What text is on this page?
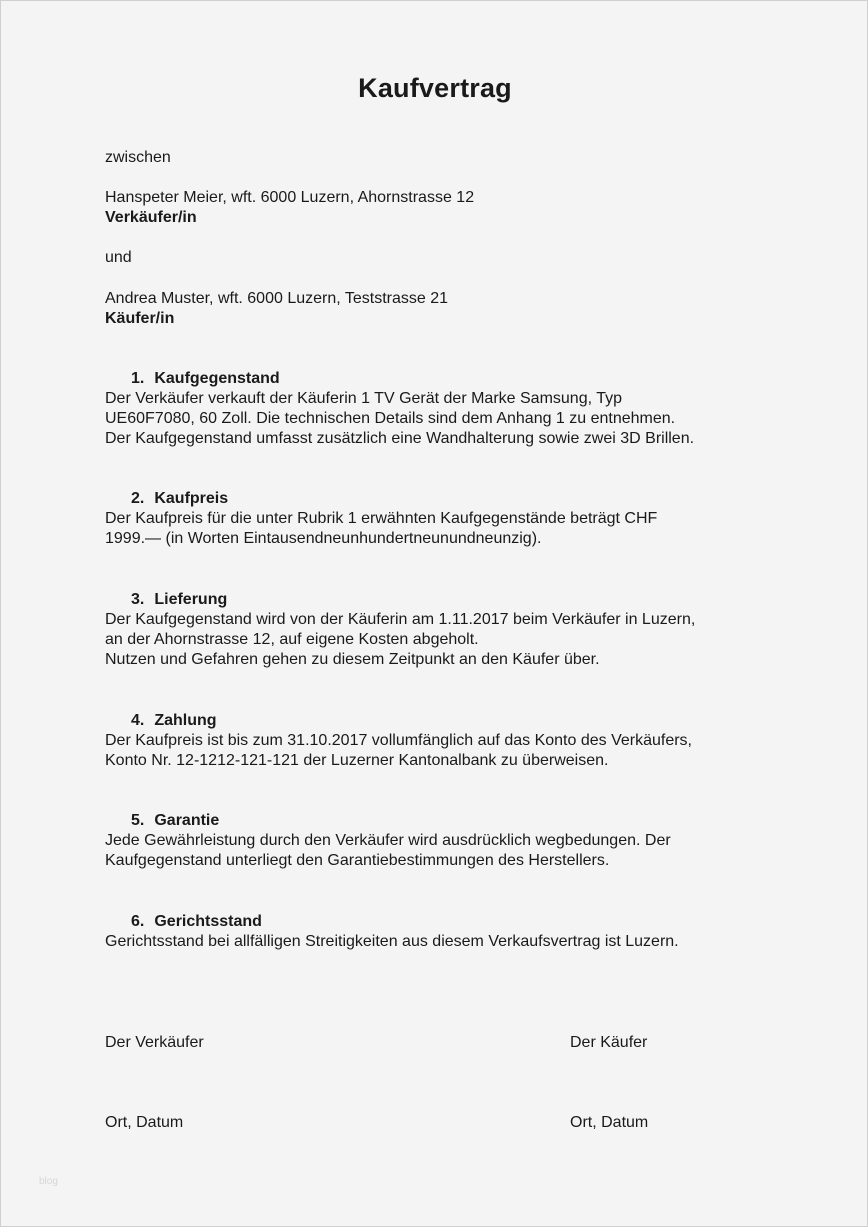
Kaufvertrag
zwischen
Hanspeter Meier, wft. 6000 Luzern, Ahornstrasse 12
Verkäufer/in
und
Andrea Muster, wft. 6000 Luzern, Teststrasse 21
Käufer/in
1. Kaufgegenstand
Der Verkäufer verkauft der Käuferin 1 TV Gerät der Marke Samsung, Typ
UE60F7080, 60 Zoll. Die technischen Details sind dem Anhang 1 zu entnehmen.
Der Kaufgegenstand umfasst zusätzlich eine Wandhalterung sowie zwei 3D Brillen.
2. Kaufpreis
Der Kaufpreis für die unter Rubrik 1 erwähnten Kaufgegenstände beträgt CHF
1999.— (in Worten Eintausendneunhundertneunundneunzig).
3. Lieferung
Der Kaufgegenstand wird von der Käuferin am 1.11.2017 beim Verkäufer in Luzern,
an der Ahornstrasse 12, auf eigene Kosten abgeholt.
Nutzen und Gefahren gehen zu diesem Zeitpunkt an den Käufer über.
4. Zahlung
Der Kaufpreis ist bis zum 31.10.2017 vollumfänglich auf das Konto des Verkäufers,
Konto Nr. 12-1212-121-121 der Luzerner Kantonalbank zu überweisen.
5. Garantie
Jede Gewährleistung durch den Verkäufer wird ausdrücklich wegbedungen. Der
Kaufgegenstand unterliegt den Garantiebestimmungen des Herstellers.
6. Gerichtsstand
Gerichtsstand bei allfälligen Streitigkeiten aus diesem Verkaufsvertrag ist Luzern.
Der Verkäufer	Der Käufer
Ort, Datum	Ort, Datum
blog
